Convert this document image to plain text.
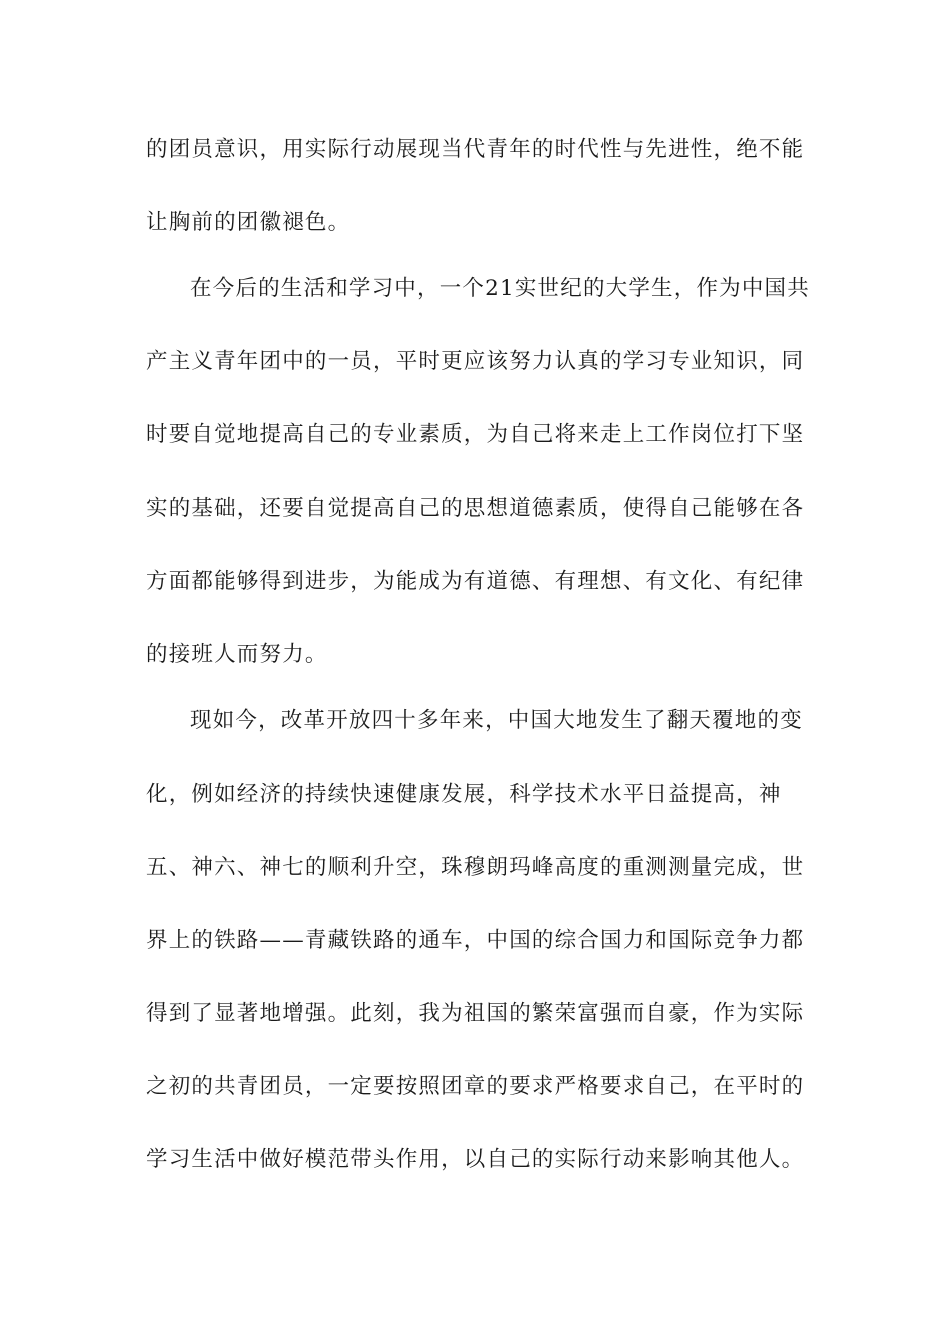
的团员意识，用实际行动展现当代青年的时代性与先进性，绝不能
让胸前的团徽褪色。
在今后的生活和学习中，一个21实世纪的大学生，作为中国共
产主义青年团中的一员，平时更应该努力认真的学习专业知识，同
时要自觉地提高自己的专业素质，为自己将来走上工作岗位打下坚
实的基础，还要自觉提高自己的思想道德素质，使得自己能够在各
方面都能够得到进步，为能成为有道德、有理想、有文化、有纪律
的接班人而努力。
现如今，改革开放四十多年来，中国大地发生了翻天覆地的变
化，例如经济的持续快速健康发展，科学技术水平日益提高，神
五、神六、神七的顺利升空，珠穆朗玛峰高度的重测测量完成，世
界上的铁路——青藏铁路的通车，中国的综合国力和国际竞争力都
得到了显著地增强。此刻，我为祖国的繁荣富强而自豪，作为实际
之初的共青团员，一定要按照团章的要求严格要求自己，在平时的
学习生活中做好模范带头作用，以自己的实际行动来影响其他人。
